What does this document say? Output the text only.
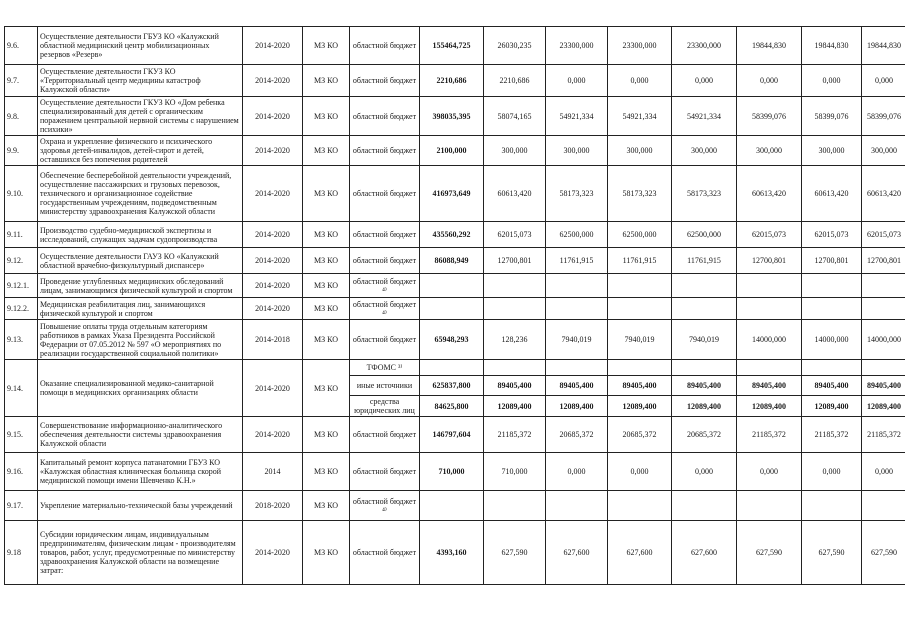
9.6.	Осуществление деятельности ГБУЗ КО «Калужский областной медицинский центр мобилизационных резервов «Резерв»	2014-2020	МЗ КО	областной бюджет	155464,725	26030,235	23300,000	23300,000	23300,000	19844,830	19844,830	19844,830
9.7.	Осуществление деятельности ГКУЗ КО «Территориальный центр медицины катастроф Калужской области»	2014-2020	МЗ КО	областной бюджет	2210,686	2210,686	0,000	0,000	0,000	0,000	0,000	0,000
9.8.	Осуществление деятельности ГКУЗ КО «Дом ребенка специализированный для детей с органическим поражением центральной нервной системы с нарушением психики»	2014-2020	МЗ КО	областной бюджет	398035,395	58074,165	54921,334	54921,334	54921,334	58399,076	58399,076	58399,076
9.9.	Охрана и укрепление физического и психического здоровья детей-инвалидов, детей-сирот и детей, оставшихся без попечения родителей	2014-2020	МЗ КО	областной бюджет	2100,000	300,000	300,000	300,000	300,000	300,000	300,000	300,000
9.10.	Обеспечение бесперебойной деятельности учреждений, осуществление пассажирских и грузовых перевозок, технического и организационное содействие государственным учреждениям, подведомственным министерству здравоохранения Калужской области	2014-2020	МЗ КО	областной бюджет	416973,649	60613,420	58173,323	58173,323	58173,323	60613,420	60613,420	60613,420
9.11.	Производство судебно-медицинской экспертизы и исследований, служащих задачам судопроизводства	2014-2020	МЗ КО	областной бюджет	435560,292	62015,073	62500,000	62500,000	62500,000	62015,073	62015,073	62015,073
9.12.	Осуществление деятельности ГАУЗ КО «Калужский областной врачебно-физкультурный диспансер»	2014-2020	МЗ КО	областной бюджет	86088,949	12700,801	11761,915	11761,915	11761,915	12700,801	12700,801	12700,801
9.12.1.	Проведение углубленных медицинских обследований лицам, занимающимся физической культурой и спортом	2014-2020	МЗ КО	областной бюджет ⁴⁾								
9.12.2.	Медицинская реабилитация лиц, занимающихся физической культурой и спортом	2014-2020	МЗ КО	областной бюджет ⁴⁾								
9.13.	Повышение оплаты труда отдельным категориям работников в рамках Указа Президента Российской Федерации от 07.05.2012 № 597 «О мероприятиях по реализации государственной социальной политики»	2014-2018	МЗ КО	областной бюджет	65948,293	128,236	7940,019	7940,019	7940,019	14000,000	14000,000	14000,000
9.14.	Оказание специализированной медико-санитарной помощи в медицинских организациях области	2014-2020	МЗ КО	ТФОМС ³⁾								
				иные источники	625837,800	89405,400	89405,400	89405,400	89405,400	89405,400	89405,400	89405,400
				средства юридических лиц	84625,800	12089,400	12089,400	12089,400	12089,400	12089,400	12089,400	12089,400
9.15.	Совершенствование информационно-аналитического обеспечения деятельности системы здравоохранения Калужской области	2014-2020	МЗ КО	областной бюджет	146797,604	21185,372	20685,372	20685,372	20685,372	21185,372	21185,372	21185,372
9.16.	Капитальный ремонт корпуса патанатомии ГБУЗ КО «Калужская областная клиническая больница скорой медицинской помощи имени Шевченко К.Н.»	2014	МЗ КО	областной бюджет	710,000	710,000	0,000	0,000	0,000	0,000	0,000	0,000
9.17.	Укрепление материально-технической базы учреждений	2018-2020	МЗ КО	областной бюджет ⁴⁾								
9.18	Субсидии юридическим лицам, индивидуальным предпринимателям, физическим лицам - производителям товаров, работ, услуг, предусмотренные по министерству здравоохранения Калужской области на возмещение затрат:	2014-2020	МЗ КО	областной бюджет	4393,160	627,590	627,600	627,600	627,600	627,590	627,590	627,590
